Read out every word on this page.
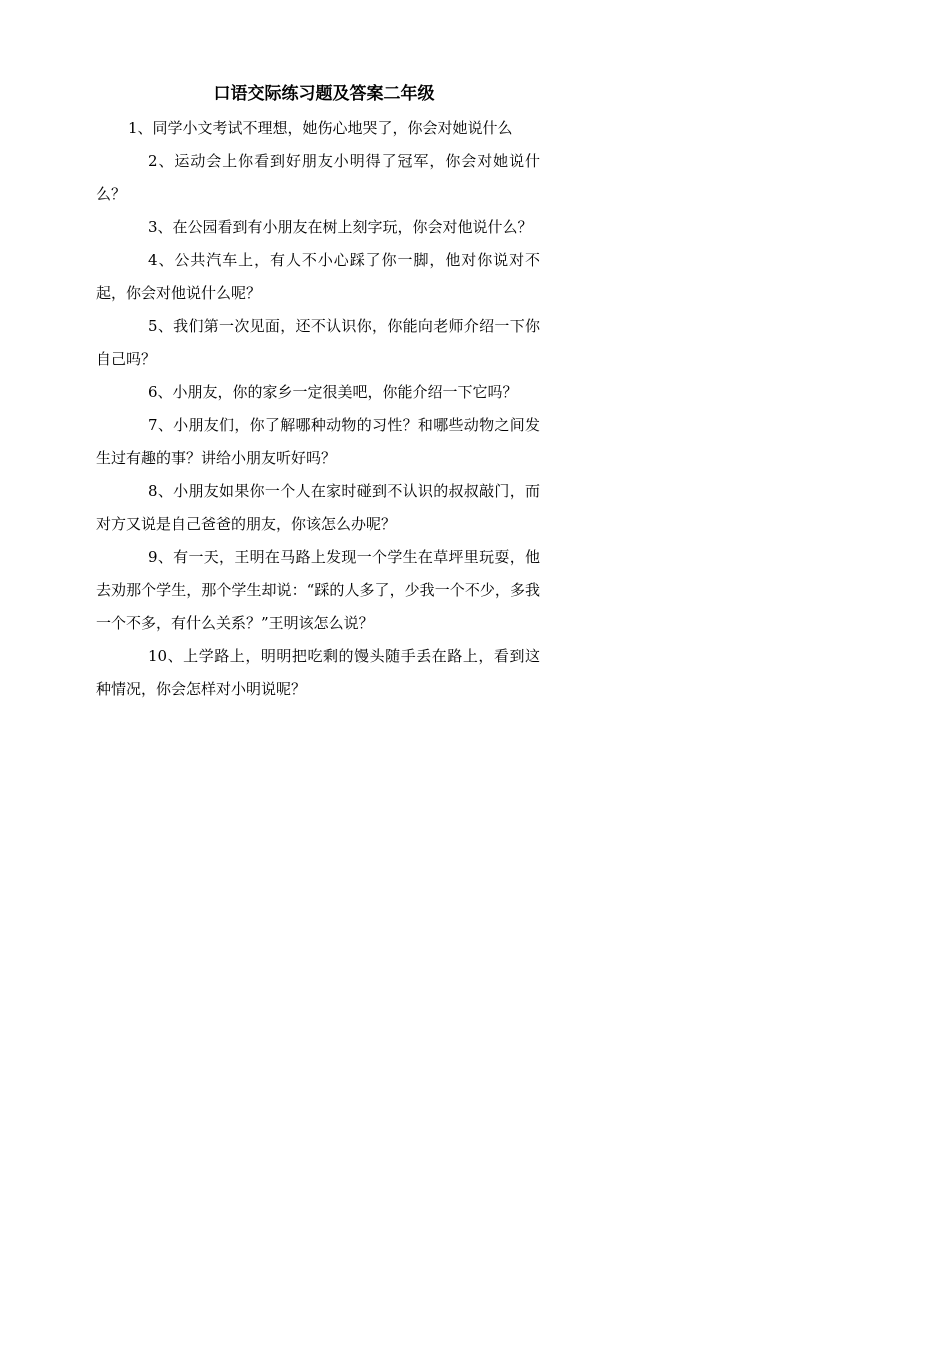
口语交际练习题及答案二年级

1、同学小文考试不理想，她伤心地哭了，你会对她说什么

2、运动会上你看到好朋友小明得了冠军，你会对她说什么？

3、在公园看到有小朋友在树上刻字玩，你会对他说什么？

4、公共汽车上，有人不小心踩了你一脚，他对你说对不起，你会对他说什么呢？

5、我们第一次见面，还不认识你，你能向老师介绍一下你自己吗？

6、小朋友，你的家乡一定很美吧，你能介绍一下它吗？

7、小朋友们，你了解哪种动物的习性？和哪些动物之间发生过有趣的事？讲给小朋友听好吗？

8、小朋友如果你一个人在家时碰到不认识的叔叔敲门，而对方又说是自己爸爸的朋友，你该怎么办呢？

9、有一天，王明在马路上发现一个学生在草坪里玩耍，他去劝那个学生，那个学生却说：“踩的人多了，少我一个不少，多我一个不多，有什么关系？”王明该怎么说？

10、上学路上，明明把吃剩的馒头随手丢在路上，看到这种情况，你会怎样对小明说呢？
